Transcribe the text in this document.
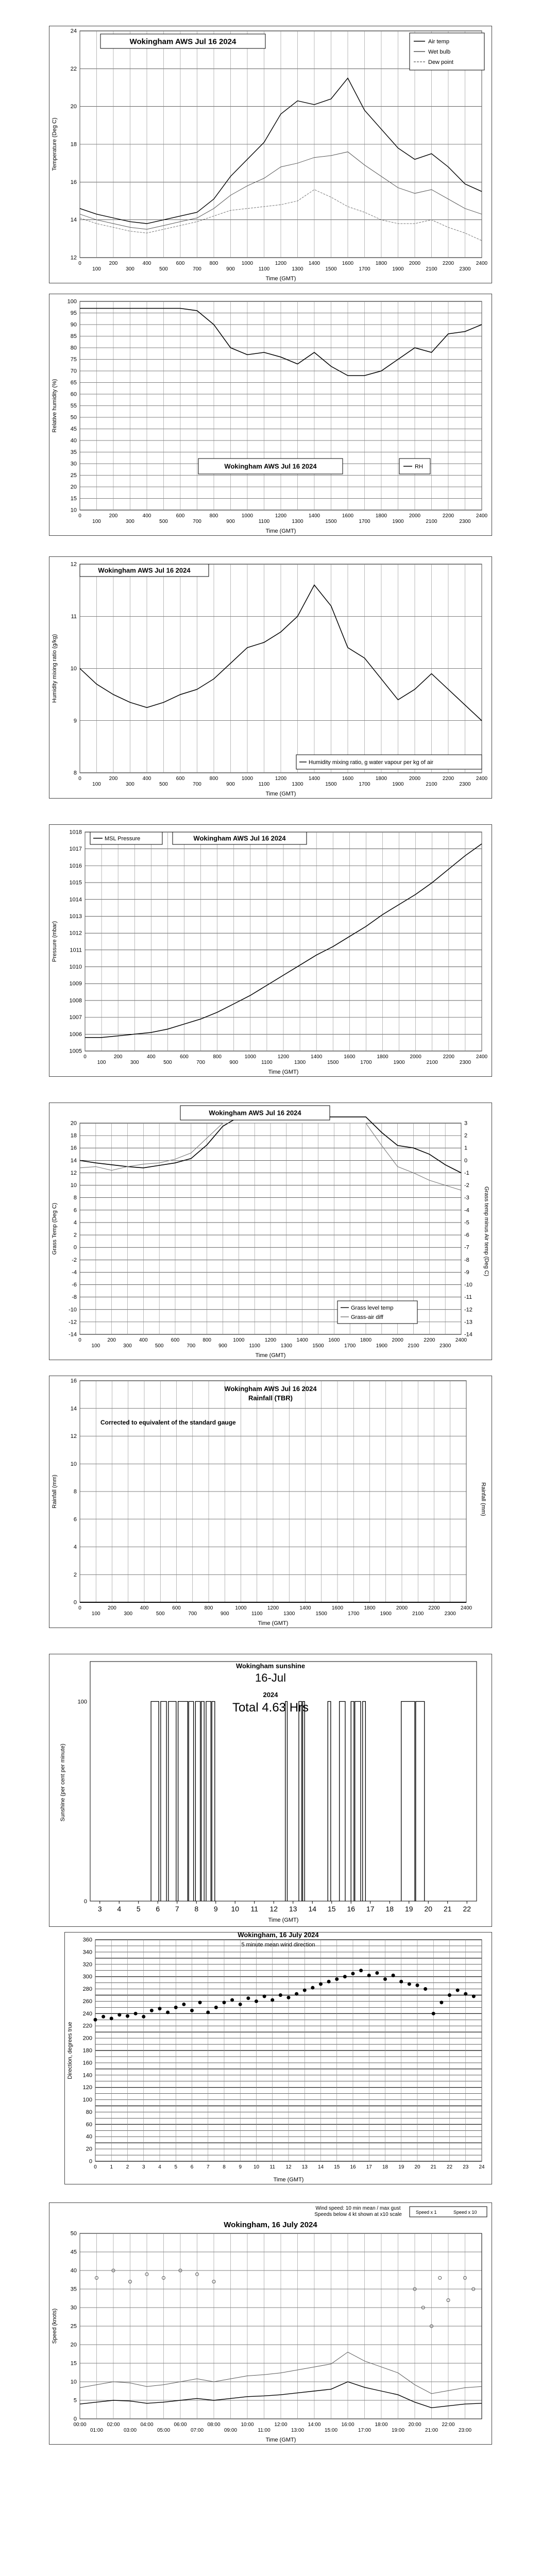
12
14
16
18
20
22
24
0
100
200
300
400
500
600
700
800
900
1000
1100
1200
1300
1400
1500
1600
1700
1800
1900
2000
2100
2200
2300
2400
Time (GMT)
Temperature (Deg C)
Wokingham AWS Jul 16 2024	Air temp
Wet bulb
Dew point
10
15
20
25
30
35
40
45
50
55
60
65
70
75
80
85
90
95
100
0
100
200
300
400
500
600
700
800
900
1000
1100
1200
1300
1400
1500
1600
1700
1800
1900
2000
2100
2200
2300
2400
Time (GMT)
Relative humidity (%)
Wokingham AWS Jul 16 2024	RH
8
9
10
11
12
0
100
200
300
400
500
600
700
800
900
1000
1100
1200
1300
1400
1500
1600
1700
1800
1900
2000
2100
2200
2300
2400
Time (GMT)
Humidity mixing ratio (g/kg)
Wokingham AWS Jul 16 2024
Humidity mixing ratio, g water vapour per kg of air
1005
1006
1007
1008
1009
1010
1011
1012
1013
1014
1015
1016
1017
1018
0
100
200
300
400
500
600
700
800
900
1000
1100
1200
1300
1400
1500
1600
1700
1800
1900
2000
2100
2200
2300
2400
Time (GMT)
Pressure (mbar)
MSL Pressure	Wokingham AWS Jul 16 2024
-14
-12
-10
-8
-6
-4
-2
0
2
4
6
8
10
12
14
16
18
20
0
100
200
300
400
500
600
700
800
900
1000
1100
1200
1300
1400
1500
1600
1700
1800
1900
2000
2100
2200
2300
2400
Time (GMT)
Grass Temp (Deg C)
-14
-13
-12
-11
-10
-9
-8
-7
-6
-5
-4
-3
-2
-1
0
1
2
3
Grass temp minus Air temp (Deg C)
Wokingham AWS Jul 16 2024
Grass level temp
Grass-air diff
0
2
4
6
8
10
12
14
16
0
100
200
300
400
500
600
700
800
900
1000
1100
1200
1300
1400
1500
1600
1700
1800
1900
2000
2100
2200
2300
2400
Time (GMT)
Rainfall (mm)
Wokingham AWS Jul 16 2024
Rainfall (TBR)
Corrected to equivalent of the standard gauge
Rainfall (mm)
0
100
3 4 5 6 7 8 9 10 11 12 13 14 15 16 17 18 19 20 21 22
Time (GMT)
Sunshine (per cent per minute)
Wokingham sunshine
16-Jul
2024
Total 4.63 Hrs
0
20
40
60
80
100
120
140
160
180
200
220
240
260
280
300
320
340
360
0	1	2	3	4	5	6	7	8	9 10 11 12 13 14 15 16 17 18 19 20 21 22 23 24
Time (GMT)
Direction, degrees true
Wokingham, 16 July 2024
5 minute mean wind direction
0
5
10
15
20
25
30
35
40
45
50
00:00
01:00
02:00
03:00
04:00
05:00
06:00
07:00
08:00
09:00
10:00
11:00
12:00
13:00
14:00
15:00
16:00
17:00
18:00
19:00
20:00
21:00
22:00
23:00
Time (GMT)
Speed (knots)
Wind speed: 10 min mean / max gust
Speeds below 4 kt shown at x10 scale
Wokingham, 16 July 2024
Speed x 1	Speed x 10
